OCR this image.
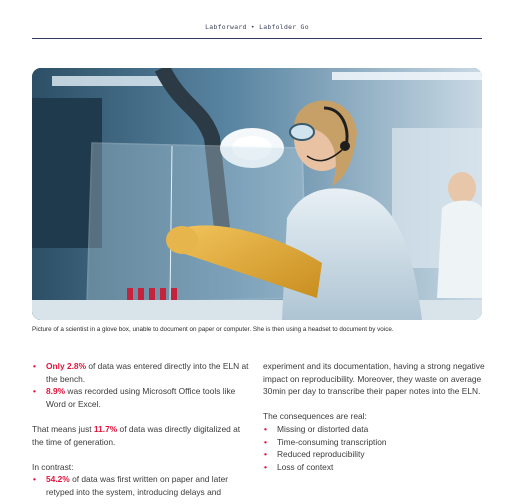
Labforward • Labfolder Go
Picture of a scientist in a glove box, unable to document on paper or computer. She is then using a headset to document by voice.
• Only 2.8% of data was entered directly into the ELN at the bench.
• 8.9% was recorded using Microsoft Office tools like Word or Excel.

That means just 11.7% of data was directly digitalized at the time of generation.

In contrast:

• 54.2% of data was first written on paper and later retyped into the system, introducing delays and

experiment and its documentation, having a strong negative impact on reproducibility. Moreover, they waste on average 30min per day to transcribe their paper notes into the ELN.

The consequences are real:

• Missing or distorted data
• Time-consuming transcription
• Reduced reproducibility
• Loss of context
